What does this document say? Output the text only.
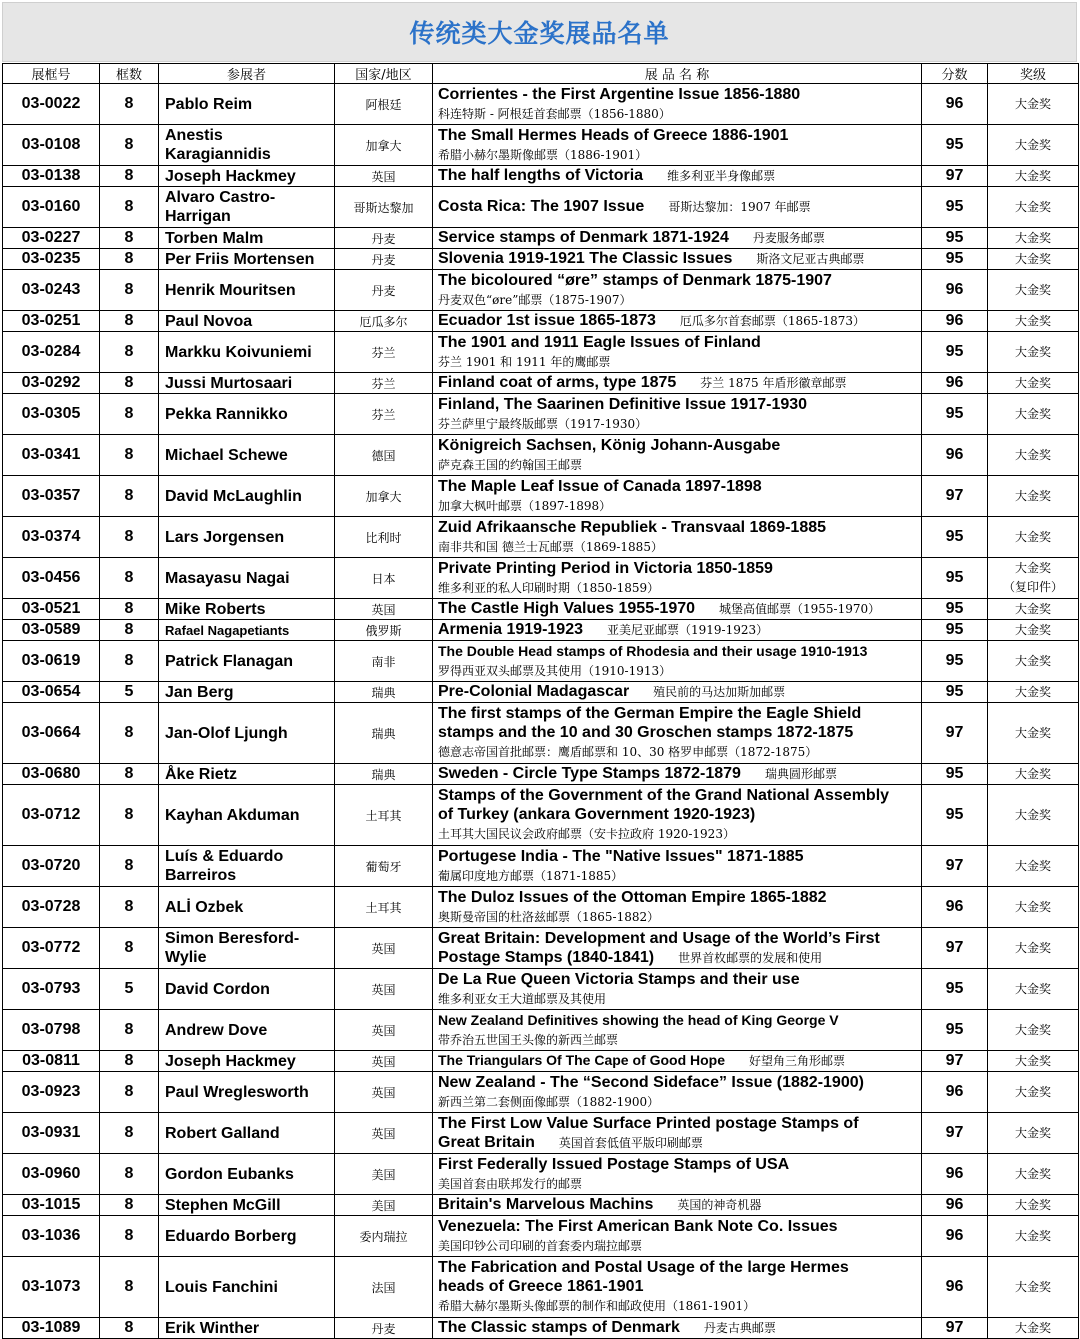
传统类大金奖展品名单
展框号	框数	参展者	国家/地区	展 品 名 称	分数	奖级
03-0022	8	Pablo Reim	阿根廷	Corrientes - the First Argentine Issue 1856-1880
科连特斯 - 阿根廷首套邮票（1856-1880）	96	大金奖

03-0108	8	Anestis
Karagiannidis	加拿大	The Small Hermes Heads of Greece 1886-1901
希腊小赫尔墨斯像邮票（1886-1901）	95	大金奖

03-0138	8	Joseph Hackmey	英国	The half lengths of Victoria 维多利亚半身像邮票	97	大金奖

03-0160	8	Alvaro Castro-
Harrigan	哥斯达黎加	Costa Rica: The 1907 Issue 哥斯达黎加：1907 年邮票	95	大金奖

03-0227	8	Torben Malm	丹麦	Service stamps of Denmark 1871-1924 丹麦服务邮票	95	大金奖

03-0235	8	Per Friis Mortensen	丹麦	Slovenia 1919-1921 The Classic Issues 斯洛文尼亚古典邮票	95	大金奖

03-0243	8	Henrik Mouritsen	丹麦	The bicoloured “øre” stamps of Denmark 1875-1907
丹麦双色“øre”邮票（1875-1907）	96	大金奖

03-0251	8	Paul Novoa	厄瓜多尔	Ecuador 1st issue 1865-1873 厄瓜多尔首套邮票（1865-1873）	96	大金奖

03-0284	8	Markku Koivuniemi	芬兰	The 1901 and 1911 Eagle Issues of Finland
芬兰 1901 和 1911 年的鹰邮票	95	大金奖

03-0292	8	Jussi Murtosaari	芬兰	Finland coat of arms, type 1875 芬兰 1875 年盾形徽章邮票	96	大金奖

03-0305	8	Pekka Rannikko	芬兰	Finland, The Saarinen Definitive Issue 1917-1930
芬兰萨里宁最终版邮票（1917-1930）	95	大金奖

03-0341	8	Michael Schewe	德国	Königreich Sachsen, König Johann-Ausgabe
萨克森王国的约翰国王邮票	96	大金奖

03-0357	8	David McLaughlin	加拿大	The Maple Leaf Issue of Canada 1897-1898
加拿大枫叶邮票（1897-1898）	97	大金奖

03-0374	8	Lars Jorgensen	比利时	Zuid Afrikaansche Republiek - Transvaal 1869-1885
南非共和国 德兰士瓦邮票（1869-1885）	95	大金奖

03-0456	8	Masayasu Nagai	日本	Private Printing Period in Victoria 1850-1859
维多利亚的私人印刷时期（1850-1859）	95	大金奖
（复印件）

03-0521	8	Mike Roberts	英国	The Castle High Values 1955-1970 城堡高值邮票（1955-1970）	95	大金奖

03-0589	8	Rafael Nagapetiants	俄罗斯	Armenia 1919-1923 亚美尼亚邮票（1919-1923）	95	大金奖

03-0619	8	Patrick Flanagan	南非	The Double Head stamps of Rhodesia and their usage 1910-1913
罗得西亚双头邮票及其使用（1910-1913）	95	大金奖

03-0654	5	Jan Berg	瑞典	Pre-Colonial Madagascar 殖民前的马达加斯加邮票	95	大金奖

03-0664	8	Jan-Olof Ljungh	瑞典	The first stamps of the German Empire the Eagle Shield
stamps and the 10 and 30 Groschen stamps 1872-1875
德意志帝国首批邮票：鹰盾邮票和 10、30 格罗申邮票（1872-1875）	97	大金奖

03-0680	8	Åke Rietz	瑞典	Sweden - Circle Type Stamps 1872-1879 瑞典圆形邮票	95	大金奖

03-0712	8	Kayhan Akduman	土耳其	Stamps of the Government of the Grand National Assembly
of Turkey (ankara Government 1920-1923)
土耳其大国民议会政府邮票（安卡拉政府 1920-1923）	95	大金奖

03-0720	8	Luís & Eduardo
Barreiros	葡萄牙	Portugese India - The "Native Issues" 1871-1885
葡属印度地方邮票（1871-1885）	97	大金奖

03-0728	8	ALİ Ozbek	土耳其	The Duloz Issues of the Ottoman Empire 1865-1882
奥斯曼帝国的杜洛兹邮票（1865-1882）	96	大金奖

03-0772	8	Simon Beresford-
Wylie	英国	Great Britain: Development and Usage of the World’s First
Postage Stamps (1840-1841) 世界首枚邮票的发展和使用	97	大金奖

03-0793	5	David Cordon	英国	De La Rue Queen Victoria Stamps and their use
维多利亚女王大道邮票及其使用	95	大金奖

03-0798	8	Andrew Dove	英国	New Zealand Definitives showing the head of King George V
带乔治五世国王头像的新西兰邮票	95	大金奖

03-0811	8	Joseph Hackmey	英国	The Triangulars Of The Cape of Good Hope 好望角三角形邮票	97	大金奖

03-0923	8	Paul Wreglesworth	英国	New Zealand - The “Second Sideface” Issue (1882-1900)
新西兰第二套侧面像邮票（1882-1900）	96	大金奖

03-0931	8	Robert Galland	英国	The First Low Value Surface Printed postage Stamps of
Great Britain 英国首套低值平版印刷邮票	97	大金奖

03-0960	8	Gordon Eubanks	美国	First Federally Issued Postage Stamps of USA
美国首套由联邦发行的邮票	96	大金奖

03-1015	8	Stephen McGill	美国	Britain's Marvelous Machins 英国的神奇机器	96	大金奖

03-1036	8	Eduardo Borberg	委内瑞拉	Venezuela: The First American Bank Note Co. Issues
美国印钞公司印刷的首套委内瑞拉邮票	96	大金奖

03-1073	8	Louis Fanchini	法国	The Fabrication and Postal Usage of the large Hermes
heads of Greece 1861-1901
希腊大赫尔墨斯头像邮票的制作和邮政使用（1861-1901）	96	大金奖

03-1089	8	Erik Winther	丹麦	The Classic stamps of Denmark 丹麦古典邮票	97	大金奖
